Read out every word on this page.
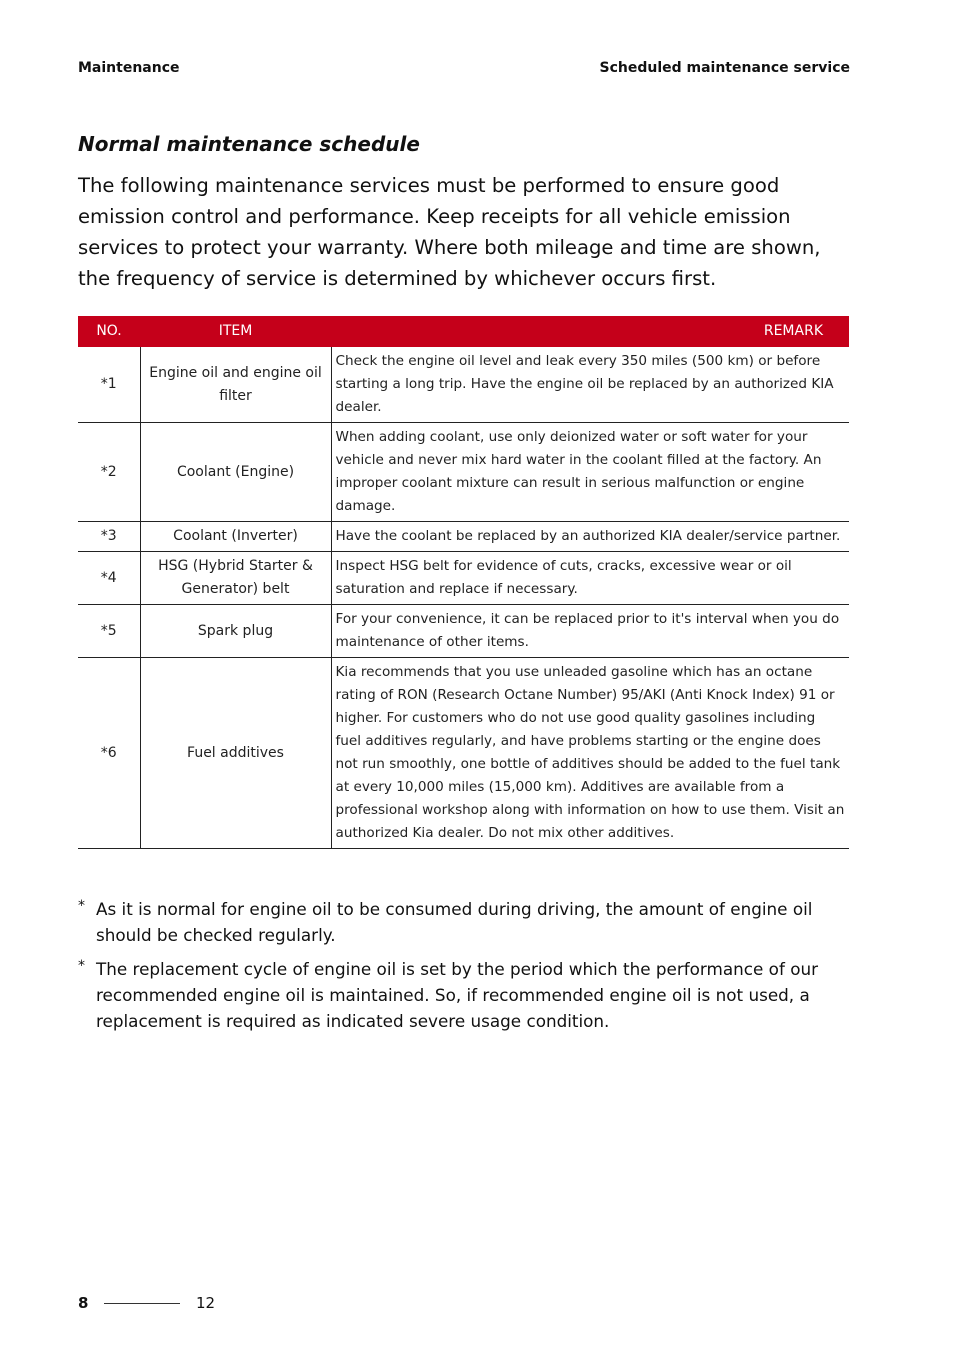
Maintenance	Scheduled maintenance service
Normal maintenance schedule

The following maintenance services must be performed to ensure good emission control and performance. Keep receipts for all vehicle emission services to protect your warranty. Where both mileage and time are shown, the frequency of service is determined by whichever occurs first.

NO.	ITEM	REMARK
*1	Engine oil and engine oil filter	Check the engine oil level and leak every 350 miles (500 km) or before starting a long trip. Have the engine oil be replaced by an authorized KIA dealer.
*2	Coolant (Engine)	When adding coolant, use only deionized water or soft water for your vehicle and never mix hard water in the coolant filled at the factory. An improper coolant mixture can result in serious malfunction or engine damage.
*3	Coolant (Inverter)	Have the coolant be replaced by an authorized KIA dealer/service partner.
*4	HSG (Hybrid Starter & Generator) belt	Inspect HSG belt for evidence of cuts, cracks, excessive wear or oil saturation and replace if necessary.
*5	Spark plug	For your convenience, it can be replaced prior to it's interval when you do maintenance of other items.
*6	Fuel additives	Kia recommends that you use unleaded gasoline which has an octane rating of RON (Research Octane Number) 95/AKI (Anti Knock Index) 91 or higher. For customers who do not use good quality gasolines including fuel additives regularly, and have problems starting or the engine does not run smoothly, one bottle of additives should be added to the fuel tank at every 10,000 miles (15,000 km). Additives are available from a professional workshop along with information on how to use them. Visit an authorized Kia dealer. Do not mix other additives.
* As it is normal for engine oil to be consumed during driving, the amount of engine oil should be checked regularly.
* The replacement cycle of engine oil is set by the period which the performance of our recommended engine oil is maintained. So, if recommended engine oil is not used, a replacement is required as indicated severe usage condition.
8	12
